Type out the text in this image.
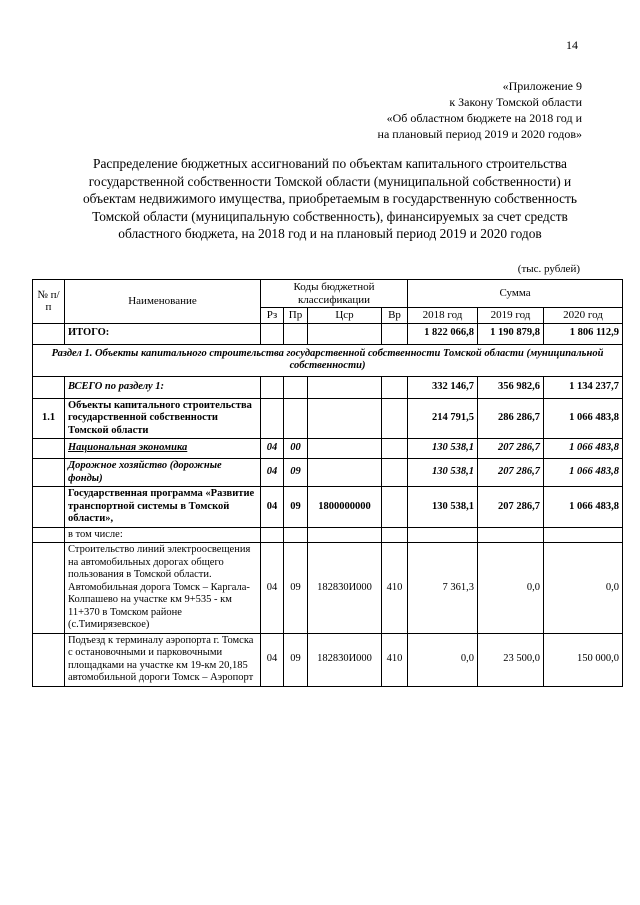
14
«Приложение 9
к Закону Томской области
«Об областном бюджете на 2018 год и
на плановый период 2019 и 2020 годов»
Распределение бюджетных ассигнований по объектам капитального строительства государственной собственности Томской области (муниципальной собственности) и объектам недвижимого имущества, приобретаемым в государственную собственность Томской области (муниципальную собственность), финансируемых за счет средств областного бюджета, на 2018 год и на плановый период 2019 и 2020 годов
(тыс. рублей)
№ п/п	Наименование	Коды бюджетной классификации				Сумма		
		Рз	Пр	Цср	Вр	2018 год	2019 год	2020 год
	ИТОГО:					1 822 066,8	1 190 879,8	1 806 112,9
Раздел 1. Объекты капитального строительства государственной собственности Томской области (муниципальной собственности)								
	ВСЕГО по разделу 1:					332 146,7	356 982,6	1 134 237,7
1.1	Объекты капитального строительства государственной собственности Томской области					214 791,5	286 286,7	1 066 483,8
	Национальная экономика	04	00			130 538,1	207 286,7	1 066 483,8
	Дорожное хозяйство (дорожные фонды)	04	09			130 538,1	207 286,7	1 066 483,8
	Государственная программа «Развитие транспортной системы в Томской области»,	04	09	1800000000		130 538,1	207 286,7	1 066 483,8
	в том числе:							
	Строительство линий электроосвещения на автомобильных дорогах общего пользования в Томской области. Автомобильная дорога Томск – Каргала-Колпашево на участке км 9+535 - км 11+370 в Томском районе (с.Тимирязевское)	04	09	182830И000	410	7 361,3	0,0	0,0
	Подъезд к терминалу аэропорта г. Томска с остановочными и парковочными площадками на участке км 19-км 20,185 автомобильной дороги Томск – Аэропорт	04	09	182830И000	410	0,0	23 500,0	150 000,0
